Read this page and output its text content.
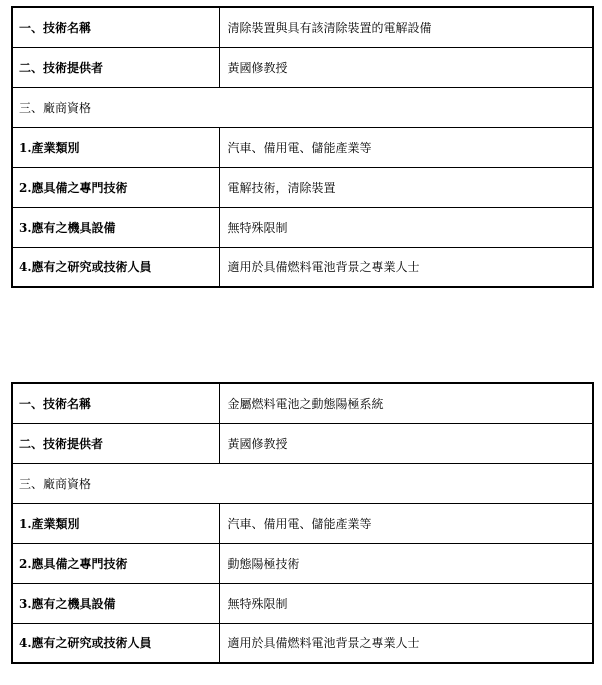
一、技術名稱	清除裝置與具有該清除裝置的電解設備
二、技術提供者	黃國修教授
三、廠商資格	
1.產業類別	汽車、備用電、儲能產業等
2.應具備之專門技術	電解技術，清除裝置
3.應有之機具設備	無特殊限制
4.應有之研究或技術人員	適用於具備燃料電池背景之專業人士
一、技術名稱	金屬燃料電池之動態陽極系統
二、技術提供者	黃國修教授
三、廠商資格	
1.產業類別	汽車、備用電、儲能產業等
2.應具備之專門技術	動態陽極技術
3.應有之機具設備	無特殊限制
4.應有之研究或技術人員	適用於具備燃料電池背景之專業人士
